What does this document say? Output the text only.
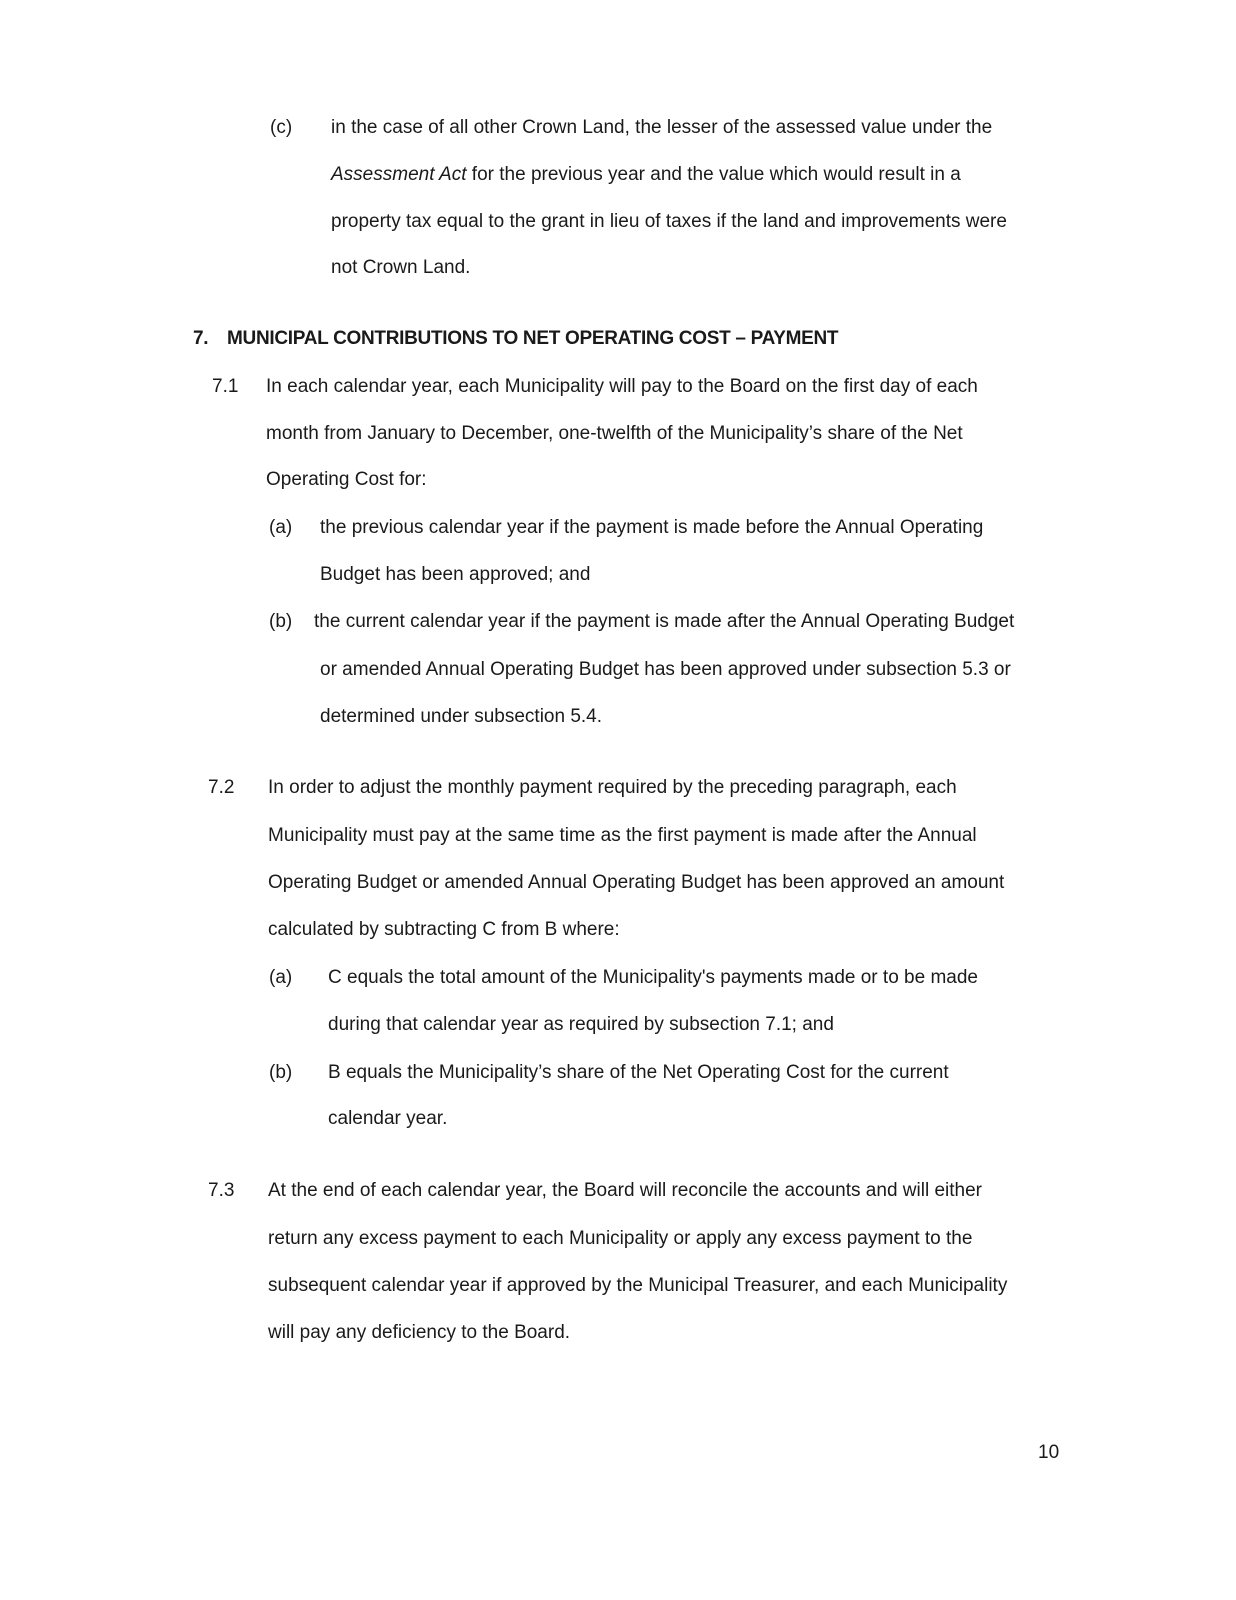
(c) in the case of all other Crown Land, the lesser of the assessed value under the
Assessment Act for the previous year and the value which would result in a
property tax equal to the grant in lieu of taxes if the land and improvements were
not Crown Land.
7. MUNICIPAL CONTRIBUTIONS TO NET OPERATING COST – PAYMENT
7.1 In each calendar year, each Municipality will pay to the Board on the first day of each
month from January to December, one-twelfth of the Municipality’s share of the Net
Operating Cost for:
(a) the previous calendar year if the payment is made before the Annual Operating
Budget has been approved; and
(b) the current calendar year if the payment is made after the Annual Operating Budget
or amended Annual Operating Budget has been approved under subsection 5.3 or
determined under subsection 5.4.
7.2 In order to adjust the monthly payment required by the preceding paragraph, each
Municipality must pay at the same time as the first payment is made after the Annual
Operating Budget or amended Annual Operating Budget has been approved an amount
calculated by subtracting C from B where:
(a) C equals the total amount of the Municipality's payments made or to be made
during that calendar year as required by subsection 7.1; and
(b) B equals the Municipality’s share of the Net Operating Cost for the current
calendar year.
7.3 At the end of each calendar year, the Board will reconcile the accounts and will either
return any excess payment to each Municipality or apply any excess payment to the
subsequent calendar year if approved by the Municipal Treasurer, and each Municipality
will pay any deficiency to the Board.
10
